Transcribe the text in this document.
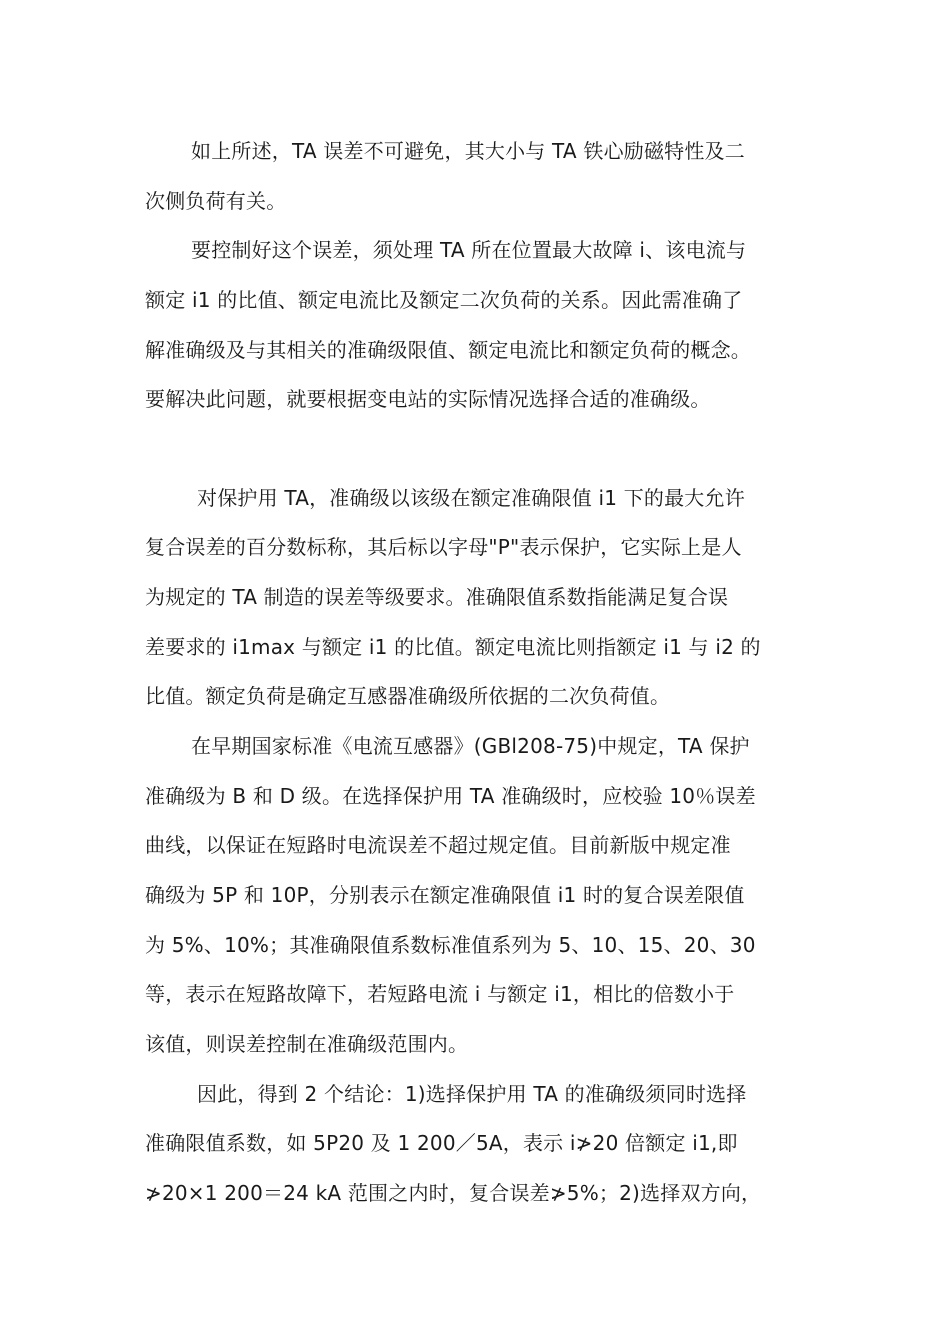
如上所述，TA 误差不可避免，其大小与 TA 铁心励磁特性及二
次侧负荷有关。
要控制好这个误差，须处理 TA 所在位置最大故障 i、该电流与
额定 i1 的比值、额定电流比及额定二次负荷的关系。因此需准确了
解准确级及与其相关的准确级限值、额定电流比和额定负荷的概念。
要解决此问题，就要根据变电站的实际情况选择合适的准确级。
对保护用 TA，准确级以该级在额定准确限值 i1 下的最大允许
复合误差的百分数标称，其后标以字母"P"表示保护，它实际上是人
为规定的 TA 制造的误差等级要求。准确限值系数指能满足复合误
差要求的 i1max 与额定 i1 的比值。额定电流比则指额定 i1 与 i2 的
比值。额定负荷是确定互感器准确级所依据的二次负荷值。
在早期国家标准《电流互感器》(GBl208-75)中规定，TA 保护
准确级为 B 和 D 级。在选择保护用 TA 准确级时，应校验 10％误差
曲线，以保证在短路时电流误差不超过规定值。目前新版中规定准
确级为 5P 和 10P，分别表示在额定准确限值 i1 时的复合误差限值
为 5%、10%；其准确限值系数标准值系列为 5、10、15、20、30
等，表示在短路故障下，若短路电流 i 与额定 i1，相比的倍数小于
该值，则误差控制在准确级范围内。
因此，得到 2 个结论：1)选择保护用 TA 的准确级须同时选择
准确限值系数，如 5P20 及 1 200／5A，表示 i≯20 倍额定 i1,即
≯20×1 200＝24 kA 范围之内时，复合误差≯5%；2)选择双方向，
